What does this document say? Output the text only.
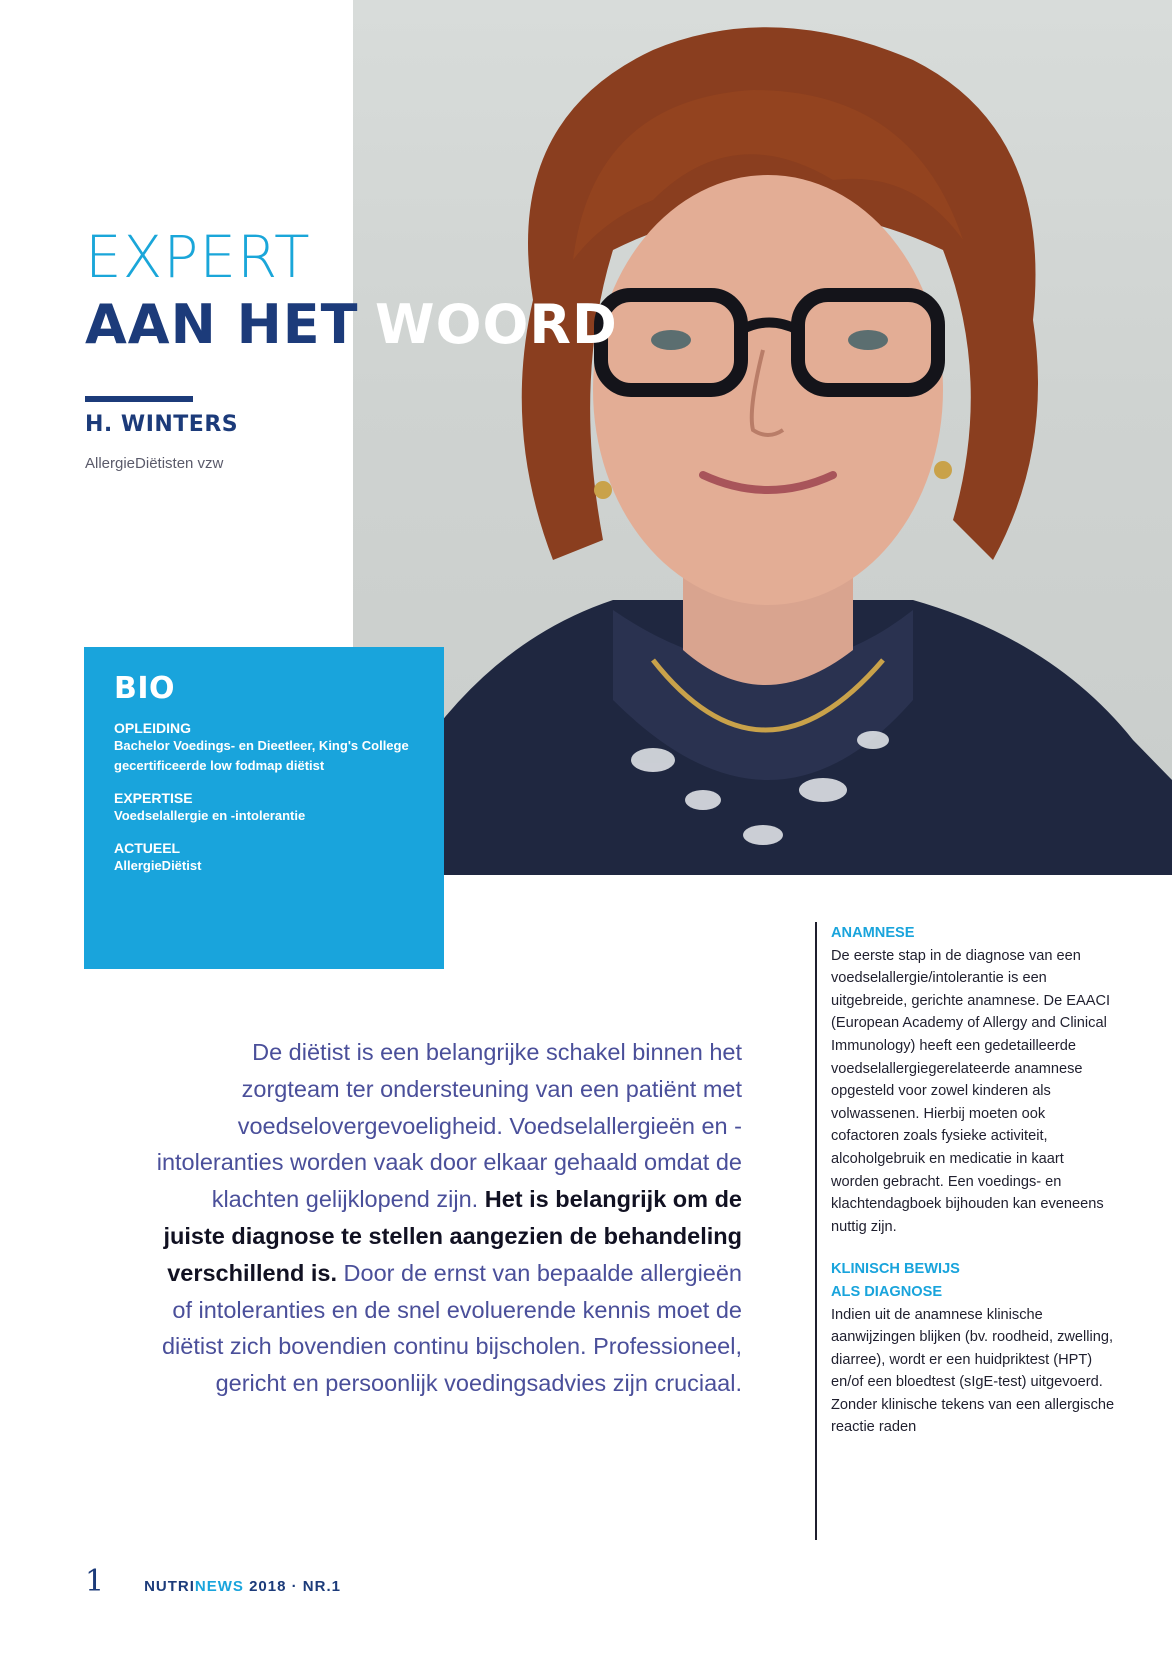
EXPERT
AAN HET WOORD
H. WINTERS
AllergieDiëtisten vzw
BIO
OPLEIDING
Bachelor Voedings- en Dieetleer, King's College gecertificeerde low fodmap diëtist
EXPERTISE
Voedselallergie en -intolerantie
ACTUEEL
AllergieDiëtist
ANAMNESE

De eerste stap in de diagnose van een voedselallergie/intolerantie is een uitgebreide, gerichte anamnese. De EAACI (European Academy of Allergy and Clinical Immunology) heeft een gedetailleerde voedselallergiegerelateerde anamnese opgesteld voor zowel kinderen als volwassenen. Hierbij moeten ook cofactoren zoals fysieke activiteit, alcoholgebruik en medicatie in kaart worden gebracht. Een voedings- en klachtendagboek bijhouden kan eveneens nuttig zijn.

KLINISCH BEWIJS
ALS DIAGNOSE

Indien uit de anamnese klinische aanwijzingen blijken (bv. roodheid, zwelling, diarree), wordt er een huidpriktest (HPT) en/of een bloedtest (sIgE-test) uitgevoerd. Zonder klinische tekens van een allergische reactie raden

De diëtist is een belangrijke schakel binnen het zorgteam ter ondersteuning van een patiënt met voedselovergevoeligheid. Voedselallergieën en -intoleranties worden vaak door elkaar gehaald omdat de klachten gelijklopend zijn. Het is belangrijk om de juiste diagnose te stellen aangezien de behandeling verschillend is. Door de ernst van bepaalde allergieën of intoleranties en de snel evoluerende kennis moet de diëtist zich bovendien continu bijscholen. Professioneel, gericht en persoonlijk voedingsadvies zijn cruciaal.
1	NUTRINEWS 2018 · NR.1
